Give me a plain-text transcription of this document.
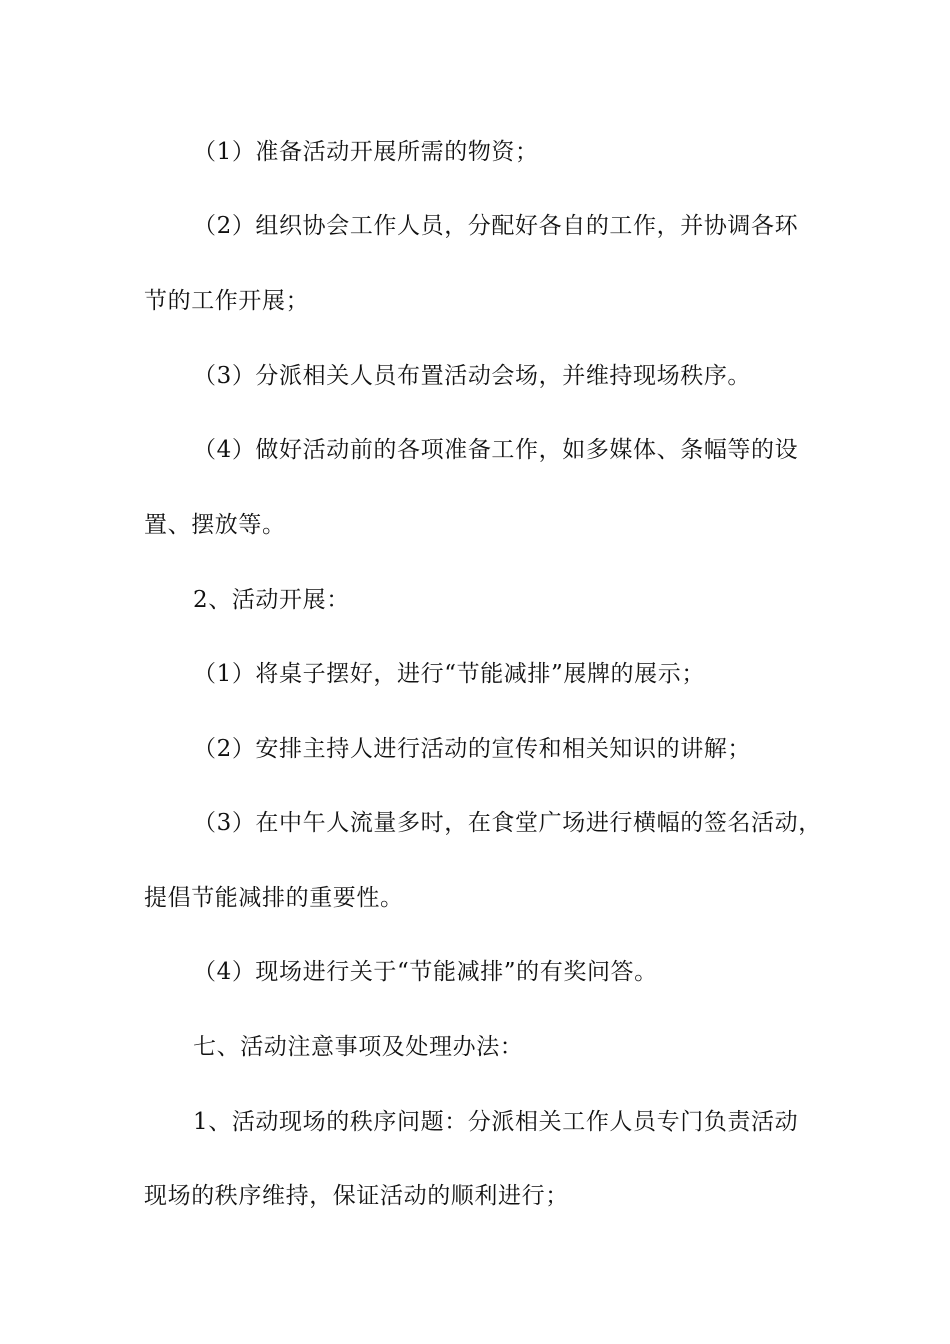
（1）准备活动开展所需的物资；
（2）组织协会工作人员，分配好各自的工作，并协调各环
节的工作开展；
（3）分派相关人员布置活动会场，并维持现场秩序。
（4）做好活动前的各项准备工作，如多媒体、条幅等的设
置、摆放等。
2、活动开展：
（1）将桌子摆好，进行“节能减排”展牌的展示；
（2）安排主持人进行活动的宣传和相关知识的讲解；
（3）在中午人流量多时，在食堂广场进行横幅的签名活动，
提倡节能减排的重要性。
（4）现场进行关于“节能减排”的有奖问答。
七、活动注意事项及处理办法：
1、活动现场的秩序问题：分派相关工作人员专门负责活动
现场的秩序维持，保证活动的顺利进行；
